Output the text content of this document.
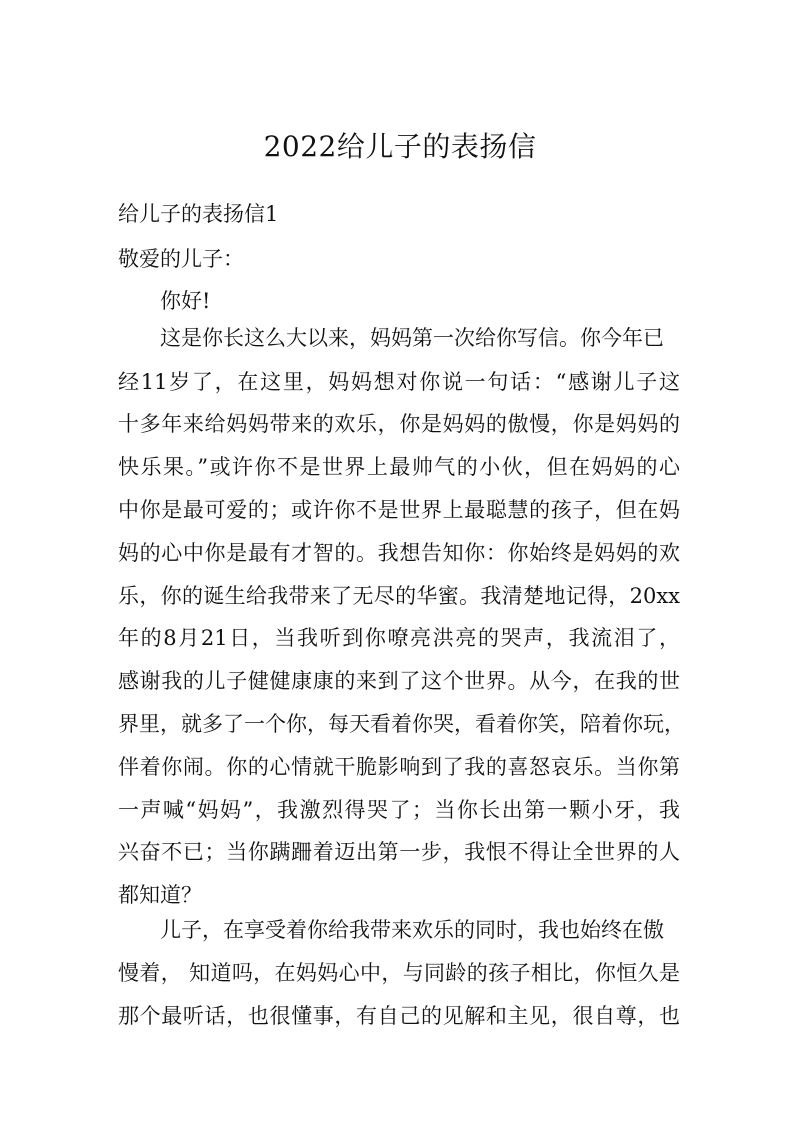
2022给儿子的表扬信
给儿子的表扬信1
敬爱的儿子：
你好!
这是你长这么大以来，妈妈第一次给你写信。你今年已
经11岁了，在这里，妈妈想对你说一句话：“感谢儿子这
十多年来给妈妈带来的欢乐，你是妈妈的傲慢，你是妈妈的
快乐果。”或许你不是世界上最帅气的小伙，但在妈妈的心
中你是最可爱的；或许你不是世界上最聪慧的孩子，但在妈
妈的心中你是最有才智的。我想告知你：你始终是妈妈的欢
乐，你的诞生给我带来了无尽的华蜜。我清楚地记得，20xx
年的8月21日，当我听到你嘹亮洪亮的哭声，我流泪了，
感谢我的儿子健健康康的来到了这个世界。从今，在我的世
界里，就多了一个你，每天看着你哭，看着你笑，陪着你玩，
伴着你闹。你的心情就干脆影响到了我的喜怒哀乐。当你第
一声喊“妈妈”，我激烈得哭了；当你长出第一颗小牙，我
兴奋不已；当你蹒跚着迈出第一步，我恨不得让全世界的人
都知道？
儿子，在享受着你给我带来欢乐的同时，我也始终在傲
慢着， 知道吗，在妈妈心中，与同龄的孩子相比，你恒久是
那个最听话，也很懂事，有自己的见解和主见，很自尊，也
